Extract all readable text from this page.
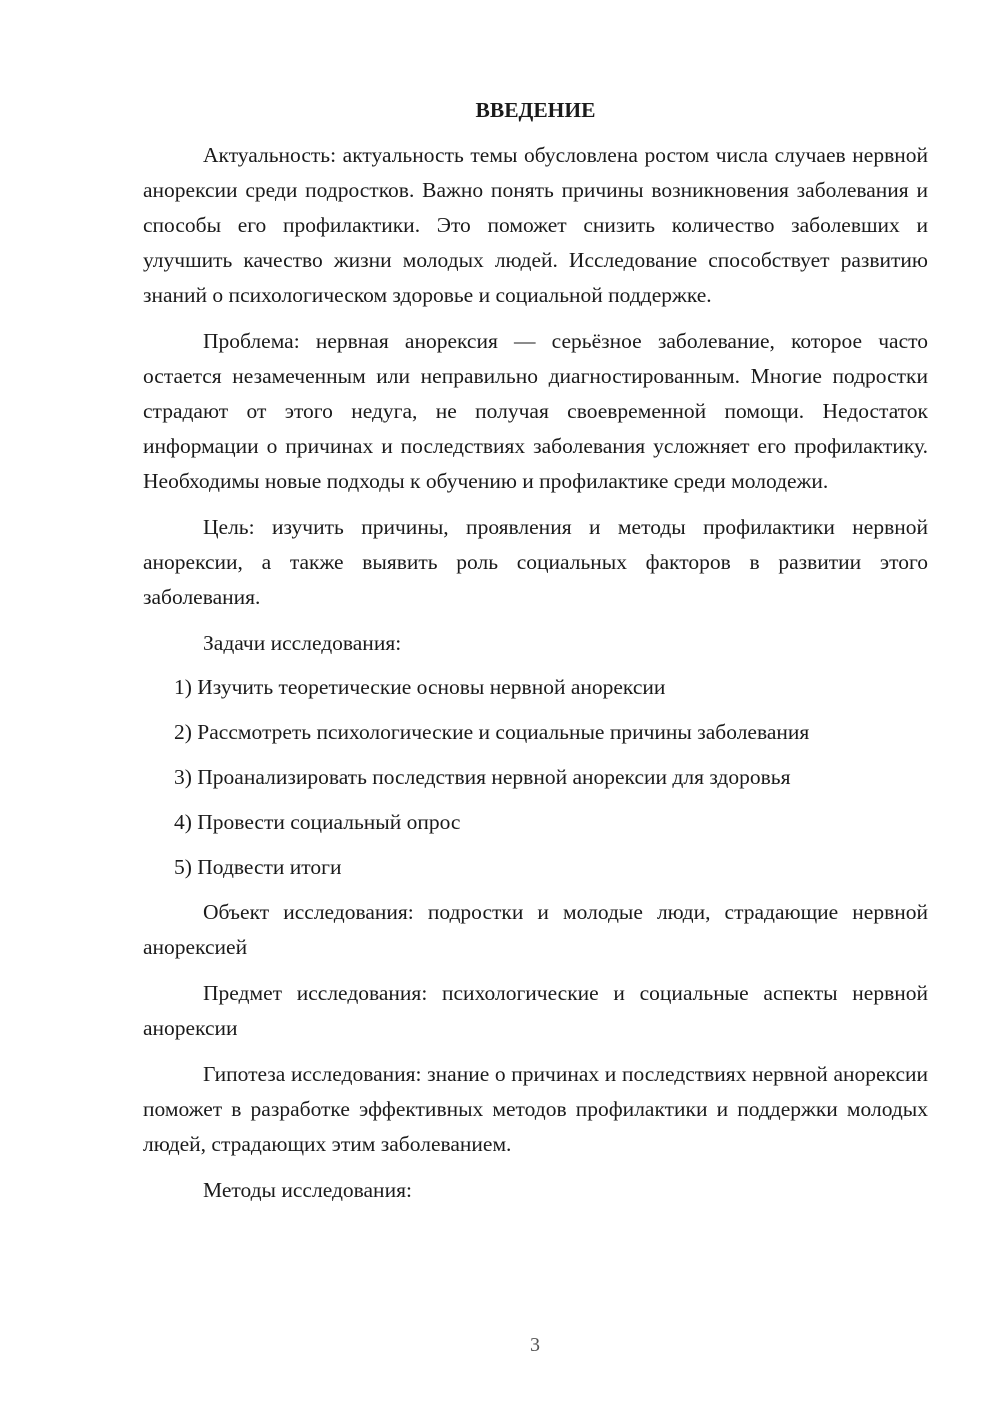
ВВЕДЕНИЕ

Актуальность: актуальность темы обусловлена ростом числа случаев нервной анорексии среди подростков. Важно понять причины возникновения заболевания и способы его профилактики. Это поможет снизить количество заболевших и улучшить качество жизни молодых людей. Исследование способствует развитию знаний о психологическом здоровье и социальной поддержке.

Проблема: нервная анорексия — серьёзное заболевание, которое часто остается незамеченным или неправильно диагностированным. Многие подростки страдают от этого недуга, не получая своевременной помощи. Недостаток информации о причинах и последствиях заболевания усложняет его профилактику. Необходимы новые подходы к обучению и профилактике среди молодежи.

Цель: изучить причины, проявления и методы профилактики нервной анорексии, а также выявить роль социальных факторов в развитии этого заболевания.

Задачи исследования:

1) Изучить теоретические основы нервной анорексии
2) Рассмотреть психологические и социальные причины заболевания
3) Проанализировать последствия нервной анорексии для здоровья
4) Провести социальный опрос
5) Подвести итоги

Объект исследования: подростки и молодые люди, страдающие нервной анорексией

Предмет исследования: психологические и социальные аспекты нервной анорексии

Гипотеза исследования: знание о причинах и последствиях нервной анорексии поможет в разработке эффективных методов профилактики и поддержки молодых людей, страдающих этим заболеванием.

Методы исследования:

3
